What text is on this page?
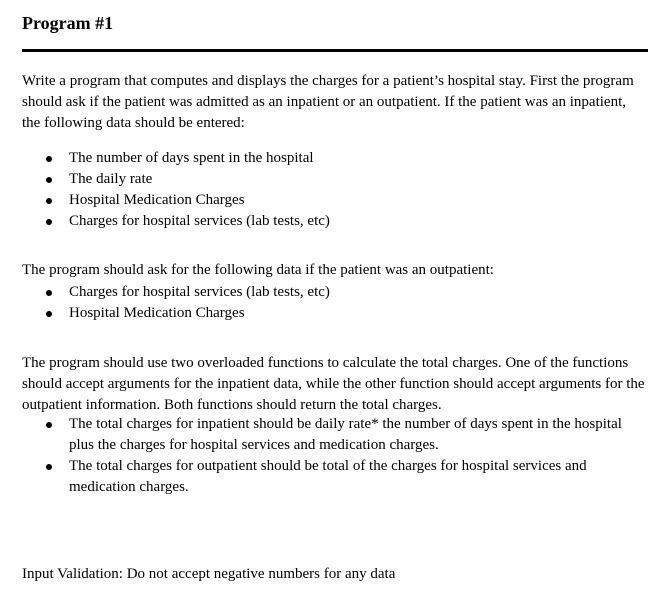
Program #1

Write a program that computes and displays the charges for a patient’s hospital stay. First the program should ask if the patient was admitted as an inpatient or an outpatient. If the patient was an inpatient, the following data should be entered:

The number of days spent in the hospital
The daily rate
Hospital Medication Charges
Charges for hospital services (lab tests, etc)

The program should ask for the following data if the patient was an outpatient:

Charges for hospital services (lab tests, etc)
Hospital Medication Charges

The program should use two overloaded functions to calculate the total charges. One of the functions should accept arguments for the inpatient data, while the other function should accept arguments for the outpatient information. Both functions should return the total charges.

The total charges for inpatient should be daily rate* the number of days spent in the hospital plus the charges for hospital services and medication charges.
The total charges for outpatient should be total of the charges for hospital services and medication charges.

Input Validation: Do not accept negative numbers for any data
